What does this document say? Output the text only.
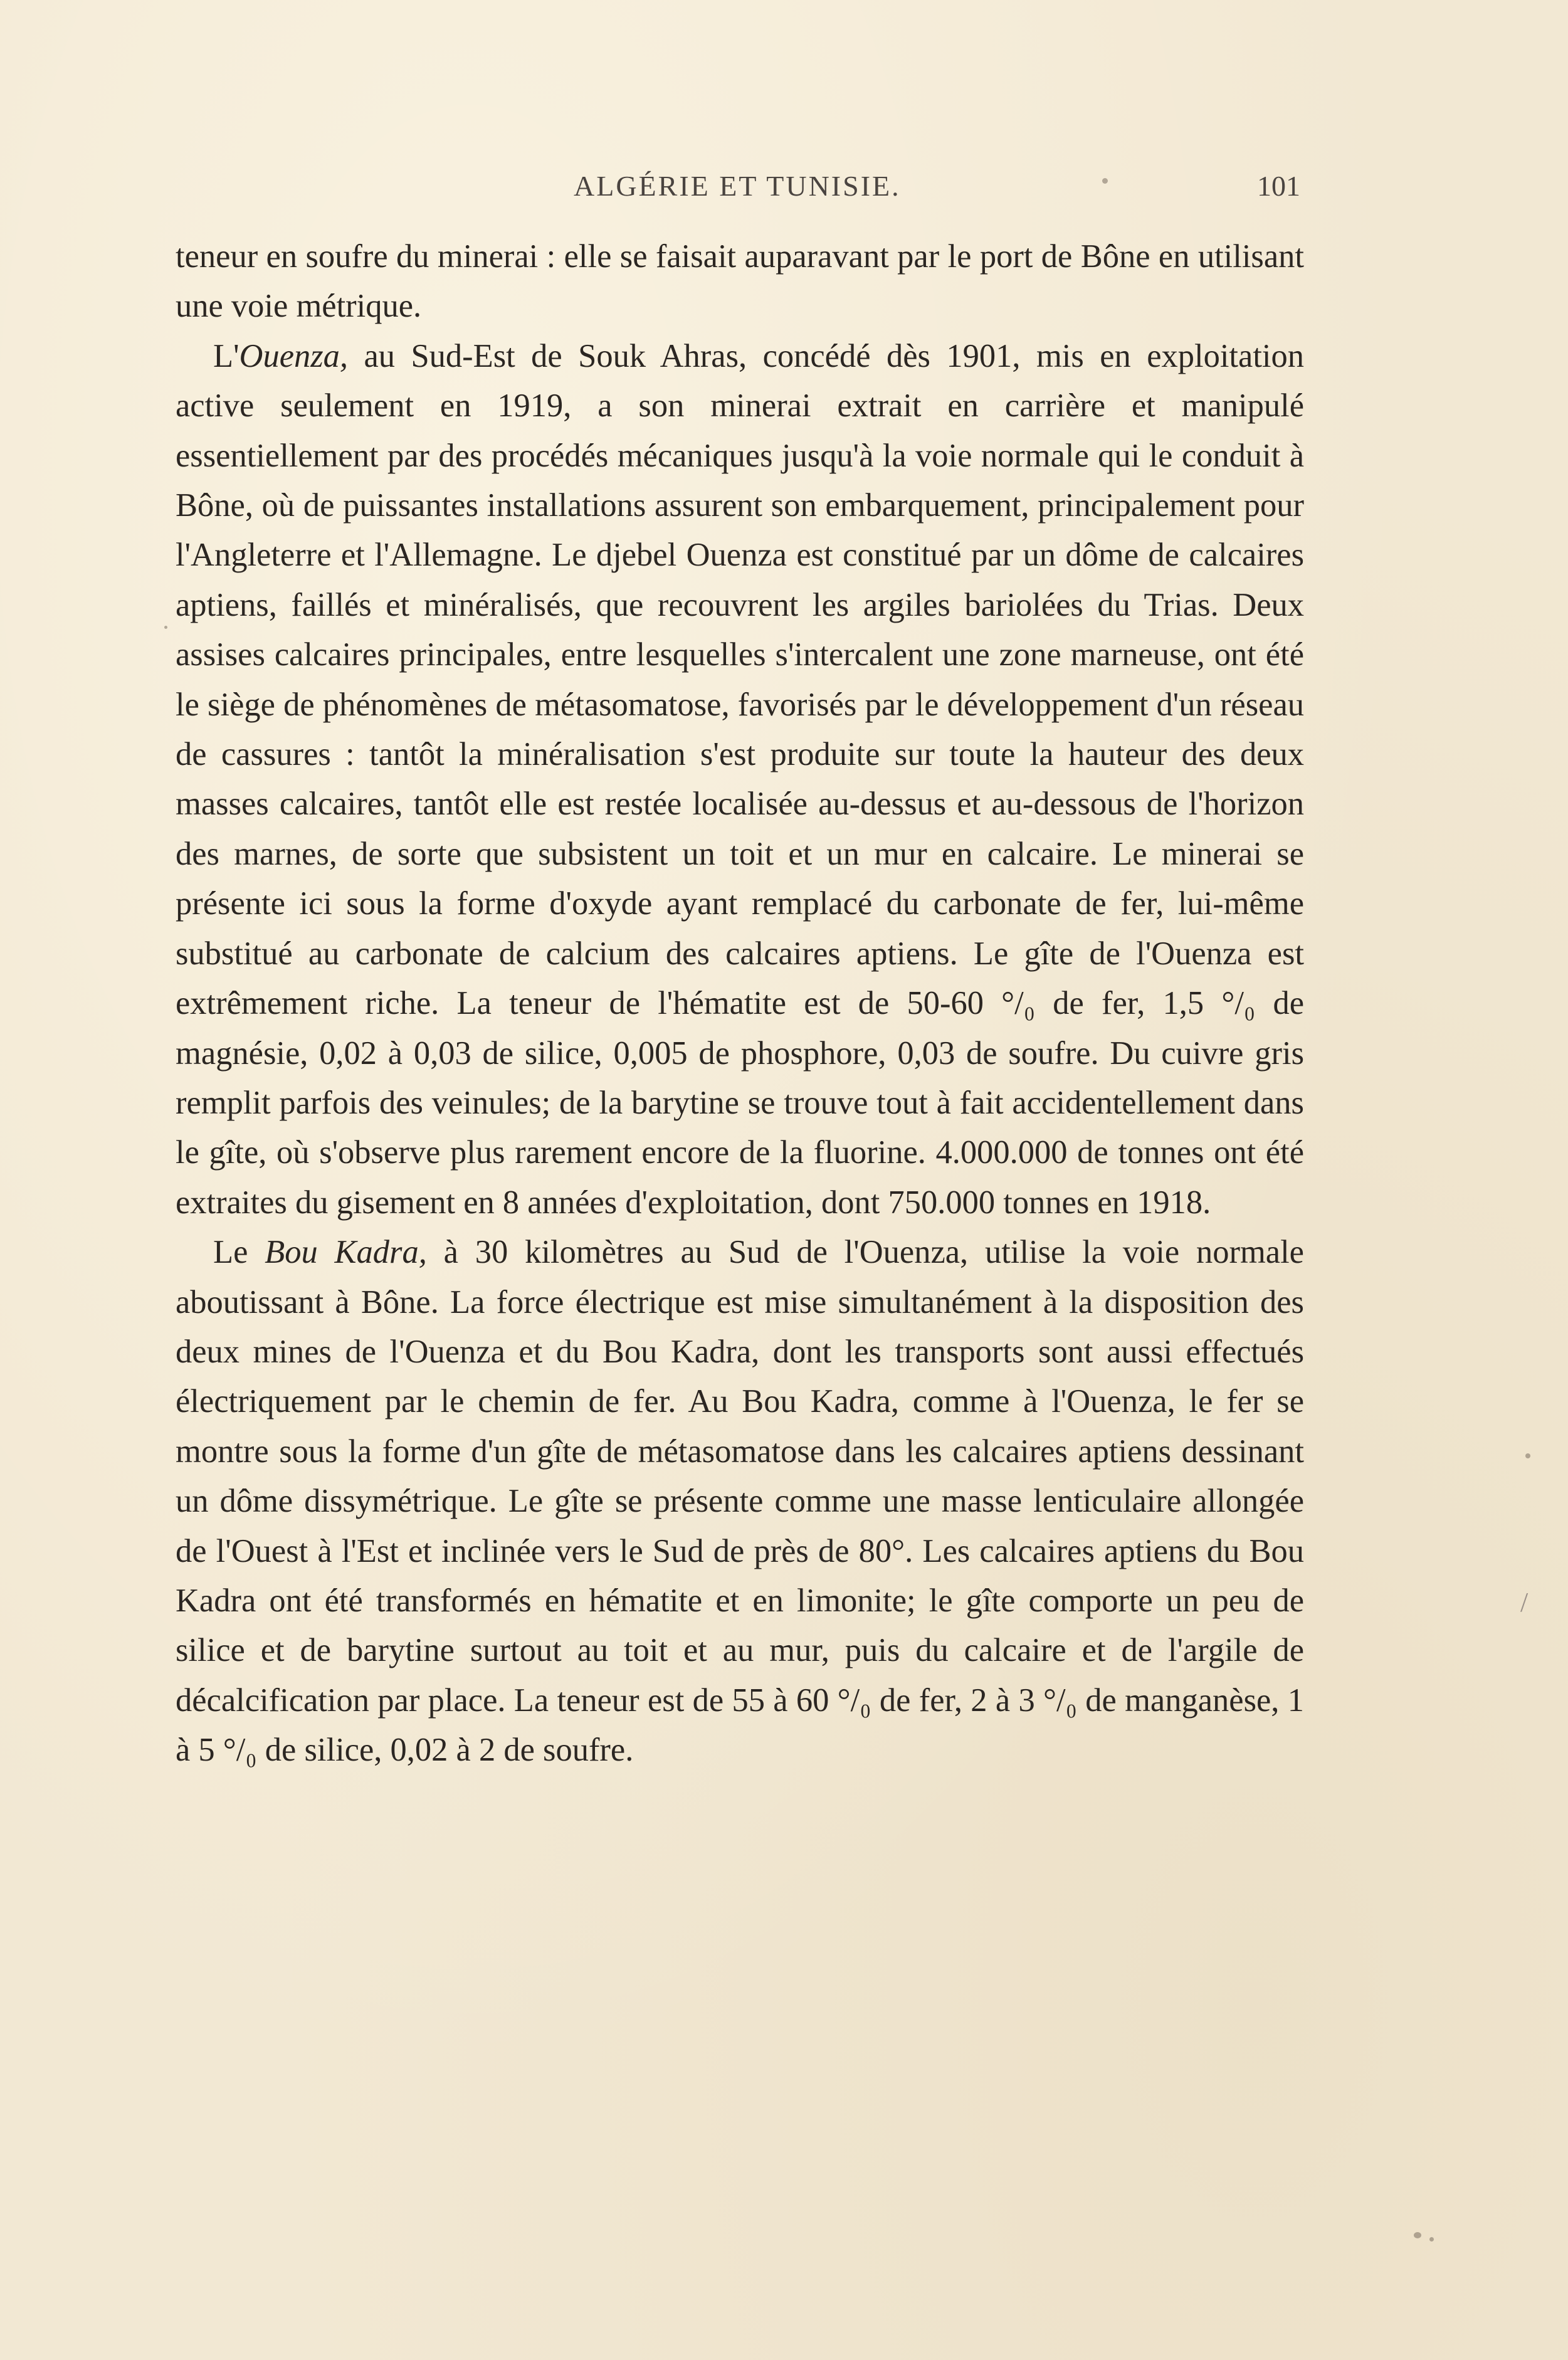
ALGÉRIE ET TUNISIE.	101

teneur en soufre du minerai : elle se faisait auparavant par le port de Bône en utilisant une voie métrique.

L'Ouenza, au Sud-Est de Souk Ahras, concédé dès 1901, mis en exploitation active seulement en 1919, a son minerai extrait en carrière et manipulé essentiellement par des procédés mécaniques jusqu'à la voie normale qui le conduit à Bône, où de puissantes installations assurent son embarquement, principalement pour l'Angleterre et l'Allemagne. Le djebel Ouenza est constitué par un dôme de calcaires aptiens, faillés et minéralisés, que recouvrent les argiles bariolées du Trias. Deux assises calcaires principales, entre lesquelles s'intercalent une zone marneuse, ont été le siège de phénomènes de métasomatose, favorisés par le développement d'un réseau de cassures : tantôt la minéralisation s'est produite sur toute la hauteur des deux masses calcaires, tantôt elle est restée localisée au-dessus et au-dessous de l'horizon des marnes, de sorte que subsistent un toit et un mur en calcaire. Le minerai se présente ici sous la forme d'oxyde ayant remplacé du carbonate de fer, lui-même substitué au carbonate de calcium des calcaires aptiens. Le gîte de l'Ouenza est extrêmement riche. La teneur de l'hématite est de 50-60 °/₀ de fer, 1,5 °/₀ de magnésie, 0,02 à 0,03 de silice, 0,005 de phosphore, 0,03 de soufre. Du cuivre gris remplit parfois des veinules; de la barytine se trouve tout à fait accidentellement dans le gîte, où s'observe plus rarement encore de la fluorine. 4.000.000 de tonnes ont été extraites du gisement en 8 années d'exploitation, dont 750.000 tonnes en 1918.

Le Bou Kadra, à 30 kilomètres au Sud de l'Ouenza, utilise la voie normale aboutissant à Bône. La force électrique est mise simultanément à la disposition des deux mines de l'Ouenza et du Bou Kadra, dont les transports sont aussi effectués électriquement par le chemin de fer. Au Bou Kadra, comme à l'Ouenza, le fer se montre sous la forme d'un gîte de métasomatose dans les calcaires aptiens dessinant un dôme dissymétrique. Le gîte se présente comme une masse lenticulaire allongée de l'Ouest à l'Est et inclinée vers le Sud de près de 80°. Les calcaires aptiens du Bou Kadra ont été transformés en hématite et en limonite; le gîte comporte un peu de silice et de barytine surtout au toit et au mur, puis du calcaire et de l'argile de décalcification par place. La teneur est de 55 à 60 °/₀ de fer, 2 à 3 °/₀ de manganèse, 1 à 5 °/₀ de silice, 0,02 à 2 de soufre.

/
